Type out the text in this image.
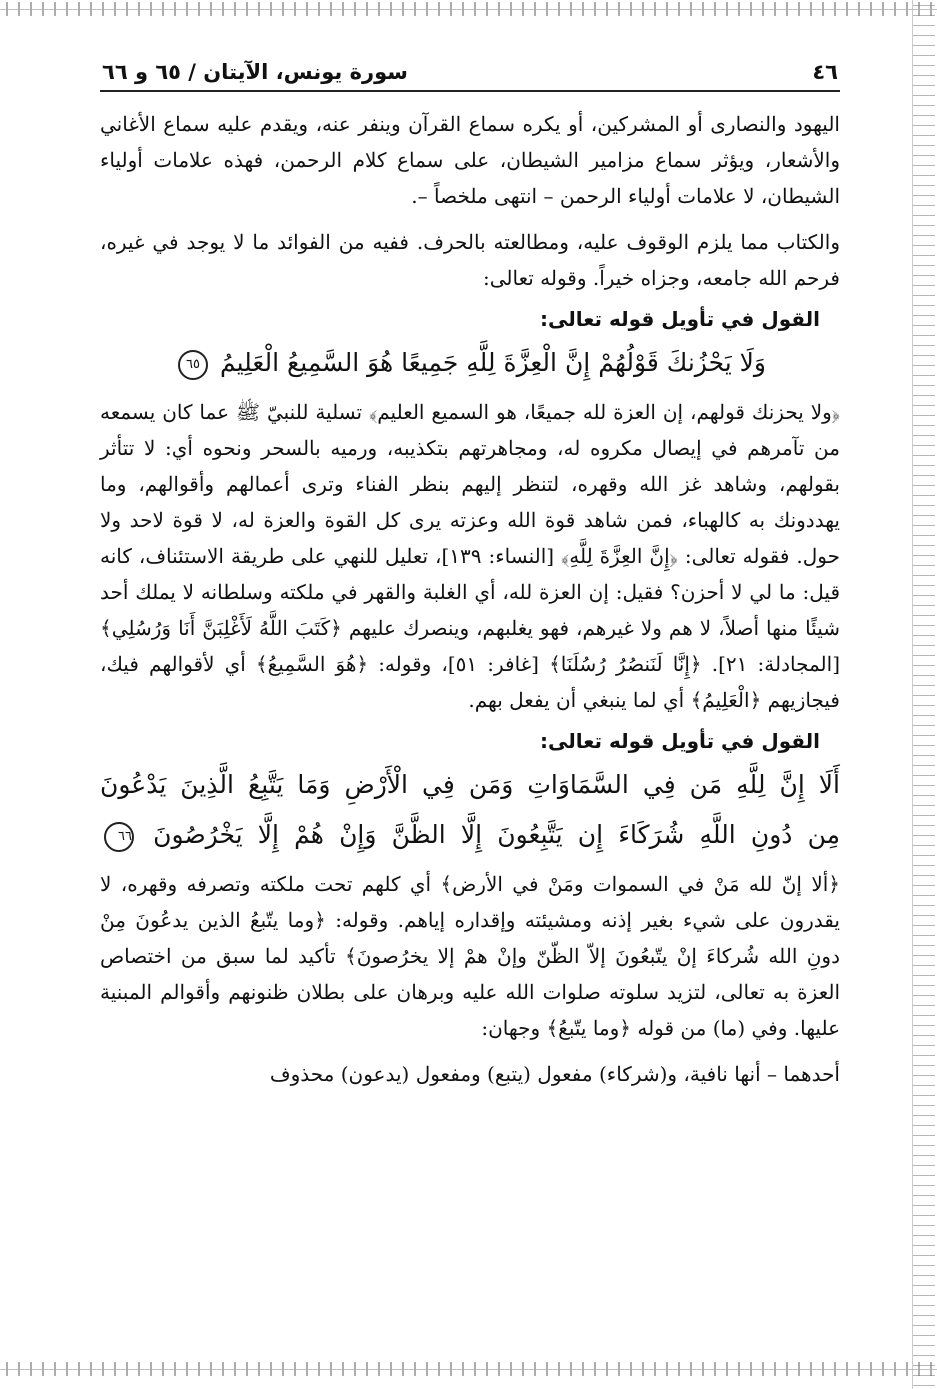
٤٦
سورة يونس، الآيتان / ٦٥ و ٦٦

اليهود والنصارى أو المشركين، أو يكره سماع القرآن وينفر عنه، ويقدم عليه سماع الأغاني والأشعار، ويؤثر سماع مزامير الشيطان، على سماع كلام الرحمن، فهذه علامات أولياء الشيطان، لا علامات أولياء الرحمن – انتهى ملخصاً –.

والكتاب مما يلزم الوقوف عليه، ومطالعته بالحرف. ففيه من الفوائد ما لا يوجد في غيره، فرحم الله جامعه، وجزاه خيراً. وقوله تعالى:

القول في تأويل قوله تعالى:
وَلَا يَحْزُنكَ قَوْلُهُمْ إِنَّ الْعِزَّةَ لِلَّهِ جَمِيعًا هُوَ السَّمِيعُ الْعَلِيمُ ٦٥

﴿ولا يحزنك قولهم، إن العزة لله جميعًا، هو السميع العليم﴾ تسلية للنبيّ ﷺ عما كان يسمعه من تآمرهم في إيصال مكروه له، ومجاهرتهم بتكذيبه، ورميه بالسحر ونحوه أي: لا تتأثر بقولهم، وشاهد غز الله وقهره، لتنظر إليهم بنظر الفناء وترى أعمالهم وأقوالهم، وما يهددونك به كالهباء، فمن شاهد قوة الله وعزته يرى كل القوة والعزة له، لا قوة لاحد ولا حول. فقوله تعالى: ﴿إِنَّ العِزَّةَ لِلَّهِ﴾ [النساء: ١٣٩]، تعليل للنهي على طريقة الاستئناف، كانه قيل: ما لي لا أحزن؟ فقيل: إن العزة لله، أي الغلبة والقهر في ملكته وسلطانه لا يملك أحد شيئًا منها أصلاً، لا هم ولا غيرهم، فهو يغلبهم، وينصرك عليهم ﴿كَتَبَ اللَّهُ لَأَغْلِبَنَّ أَنَا وَرُسُلِي﴾ [المجادلة: ٢١]. ﴿إِنَّا لَنَنصُرُ رُسُلَنَا﴾ [غافر: ٥١]، وقوله: ﴿هُوَ السَّمِيعُ﴾ أي لأقوالهم فيك، فيجازيهم ﴿الْعَلِيمُ﴾ أي لما ينبغي أن يفعل بهم.

القول في تأويل قوله تعالى:
أَلَا إِنَّ لِلَّهِ مَن فِي السَّمَاوَاتِ وَمَن فِي الْأَرْضِ وَمَا يَتَّبِعُ الَّذِينَ يَدْعُونَ
مِن دُونِ اللَّهِ شُرَكَاءَ إِن يَتَّبِعُونَ إِلَّا الظَّنَّ وَإِنْ هُمْ إِلَّا يَخْرُصُونَ ٦٦

﴿ألا إنّ لله مَنْ في السموات ومَنْ في الأرض﴾ أي كلهم تحت ملكته وتصرفه وقهره، لا يقدرون على شيء بغير إذنه ومشيئته وإقداره إياهم. وقوله: ﴿وما يتّبعُ الذين يدعُونَ مِنْ دونِ الله شُركاءَ إنْ يتّبعُونَ إلاّ الظّنّ وإنْ همْ إلا يخرُصونَ﴾ تأكيد لما سبق من اختصاص العزة به تعالى، لتزيد سلوته صلوات الله عليه وبرهان على بطلان ظنونهم وأقوالم المبنية عليها. وفي (ما) من قوله ﴿وما يتّبعُ﴾ وجهان:

أحدهما – أنها نافية، و(شركاء) مفعول (يتبع) ومفعول (يدعون) محذوف
